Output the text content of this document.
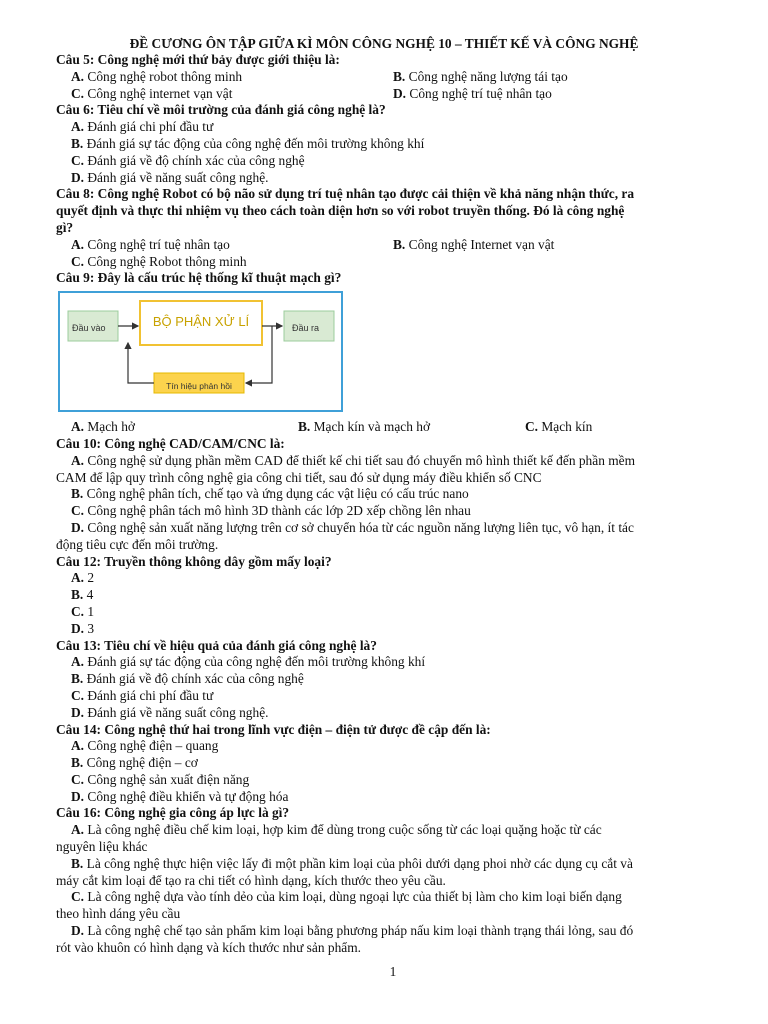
ĐỀ CƯƠNG ÔN TẬP GIỮA KÌ MÔN CÔNG NGHỆ 10 – THIẾT KẾ VÀ CÔNG NGHỆ
Câu 5: Công nghệ mới thứ bảy được giới thiệu là:
A. Công nghệ robot thông minh	B. Công nghệ năng lượng tái tạo
C. Công nghệ internet vạn vật	D. Công nghệ trí tuệ nhân tạo
Câu 6: Tiêu chí về môi trường của đánh giá công nghệ là?
A. Đánh giá chi phí đầu tư
B. Đánh giá sự tác động của công nghệ đến môi trường không khí
C. Đánh giá về độ chính xác của công nghệ
D. Đánh giá về năng suất công nghệ.
Câu 8: Công nghệ Robot có bộ não sử dụng trí tuệ nhân tạo được cải thiện về khả năng nhận thức, ra
quyết định và thực thi nhiệm vụ theo cách toàn diện hơn so với robot truyền thống. Đó là công nghệ
gì?
A. Công nghệ trí tuệ nhân tạo	B. Công nghệ Internet vạn vật
C. Công nghệ Robot thông minh
Câu 9: Đây là cấu trúc hệ thống kĩ thuật mạch gì?
Đầu vào	BỘ PHẬN XỬ LÍ	Đầu ra
Tín hiệu phản hồi
A. Mạch hở	B. Mạch kín và mạch hở	C. Mạch kín
Câu 10: Công nghệ CAD/CAM/CNC là:
A. Công nghệ sử dụng phần mềm CAD để thiết kế chi tiết sau đó chuyển mô hình thiết kế đến phần mềm
CAM để lập quy trình công nghệ gia công chi tiết, sau đó sử dụng máy điều khiển số CNC
B. Công nghệ phân tích, chế tạo và ứng dụng các vật liệu có cấu trúc nano
C. Công nghệ phân tách mô hình 3D thành các lớp 2D xếp chồng lên nhau
D. Công nghệ sản xuất năng lượng trên cơ sở chuyển hóa từ các nguồn năng lượng liên tục, vô hạn, ít tác
động tiêu cực đến môi trường.
Câu 12: Truyền thông không dây gồm mấy loại?
A. 2
B. 4
C. 1
D. 3
Câu 13: Tiêu chí về hiệu quả của đánh giá công nghệ là?
A. Đánh giá sự tác động của công nghệ đến môi trường không khí
B. Đánh giá về độ chính xác của công nghệ
C. Đánh giá chi phí đầu tư
D. Đánh giá về năng suất công nghệ.
Câu 14: Công nghệ thứ hai trong lĩnh vực điện – điện tử được đề cập đến là:
A. Công nghệ điện – quang
B. Công nghệ điện – cơ
C. Công nghệ sản xuất điện năng
D. Công nghệ điều khiển và tự động hóa
Câu 16: Công nghệ gia công áp lực là gì?
A. Là công nghệ điều chế kim loại, hợp kim để dùng trong cuộc sống từ các loại quặng hoặc từ các
nguyên liệu khác
B. Là công nghệ thực hiện việc lấy đi một phần kim loại của phôi dưới dạng phoi nhờ các dụng cụ cắt và
máy cắt kim loại để tạo ra chi tiết có hình dạng, kích thước theo yêu cầu.
C. Là công nghệ dựa vào tính dẻo của kim loại, dùng ngoại lực của thiết bị làm cho kim loại biến dạng
theo hình dáng yêu cầu
D. Là công nghệ chế tạo sản phẩm kim loại bằng phương pháp nấu kim loại thành trạng thái lỏng, sau đó
rót vào khuôn có hình dạng và kích thước như sản phẩm.
1
